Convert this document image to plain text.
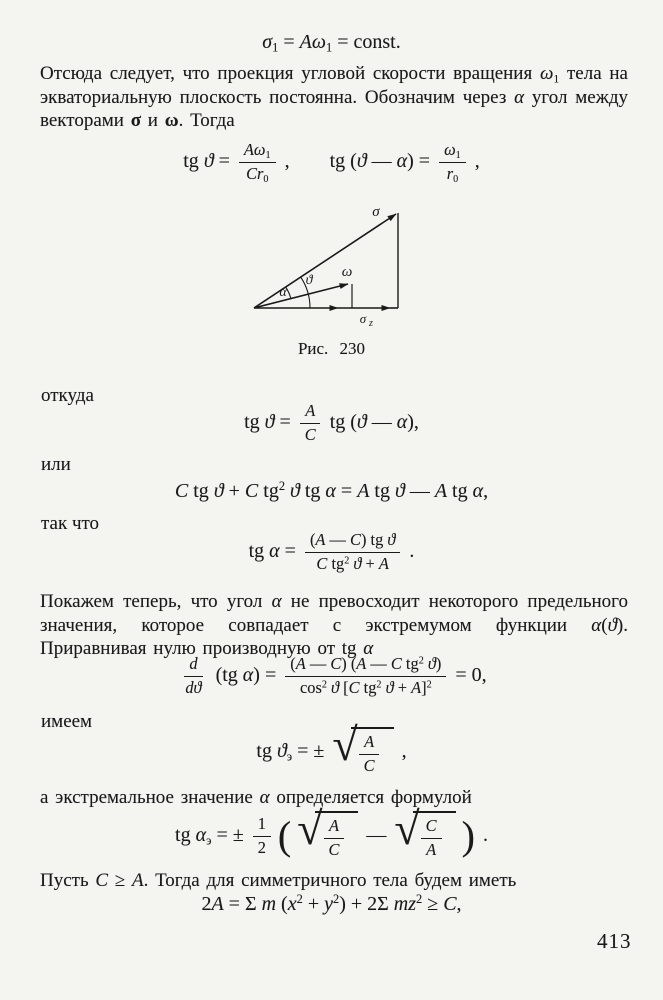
σ1 = Aω1 = const.
Отсюда следует, что проекция угловой скорости вращения ω1 тела на экваториальную плоскость постоянна. Обозначим через α угол между векторами σ и ω. Тогда
tg $ϑ = \frac{A\omega 1}{Cr0}$ , tg (ϑ — $\alpha) = \frac{\omega 1}{r0}$ ,
σ
ω
σ z
α
ϑ
Рис. 230
откуда
tg $ϑ = \frac{A}{C}$ tg (ϑ — α),
или
C tg ϑ + C $tg^2$ ϑ tg α = A tg ϑ — A tg α,
так что
tg $\alpha = \frac{\text{(A — C) tg ϑ}}{C tg^2 ϑ + A}$ .
Покажем теперь, что угол α не превосходит некоторого предельного значения, которое совпадает с экстремумом функции α(ϑ). Приравнивая нулю производную от tg α
$\frac{d}{dϑ} (tg$ $\alpha) = \frac{(A — C) (A — C tg^2 ϑ)}{\cos^2 ϑ [C tg^2 ϑ + A]^2} = 0$,
имеем
tg ϑэ = ± √ $\frac{A}{C}$ ,
а экстремальное значение α определяется формулой
tg αэ = ± $\frac{1}{2}$ ( √ $\frac{A}{C}$ — √ $\frac{C}{A}$ ) .
Пусть C ≥ A. Тогда для симметричного тела будем иметь
2A = Σ m $(x^2 + y^2) + 2\Sigma$ $mz^2 \ge C$,
413
